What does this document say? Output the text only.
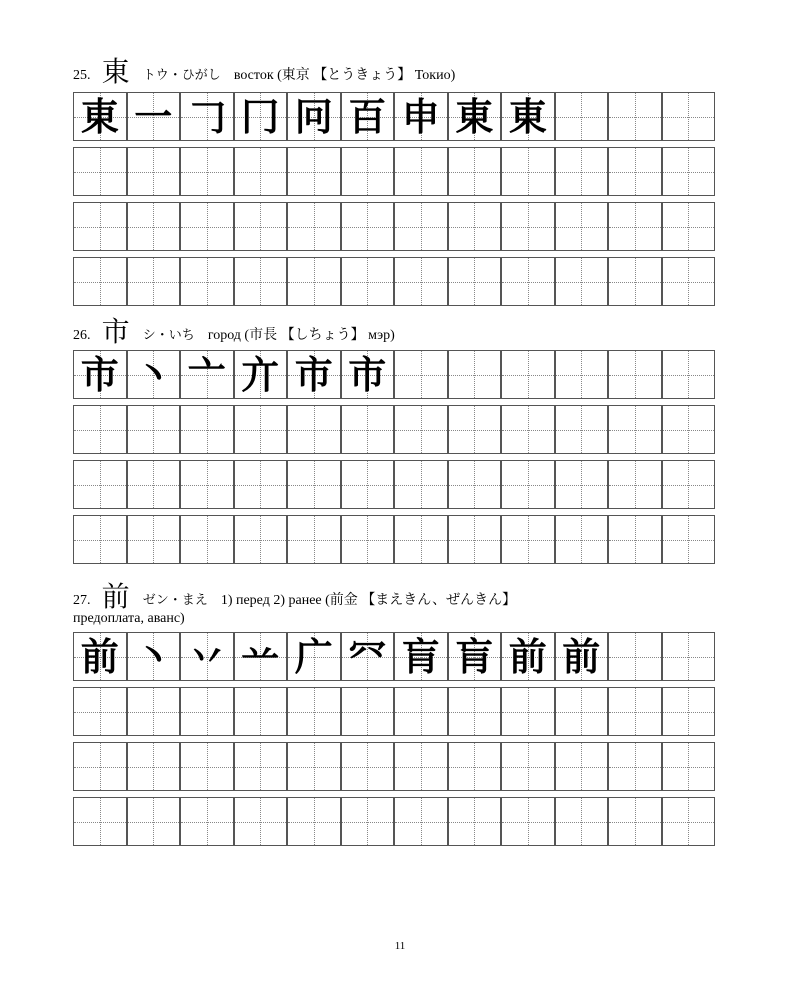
25. 東 トウ・ひがし восток (東京 【とうきょう】 Токио)
東 一 𠃌 冂 冋 百 申 東 東
26. 市 シ・いち город (市長 【しちょう】 мэр)
市 丶 亠 亣 市 市
27. 前 ゼン・まえ 1) перед 2) ранее (前金 【まえきん、ぜんきん】
предоплата, аванс)
前 丶 丷 䒑 广 㓁 肓 肓 前 前
11
